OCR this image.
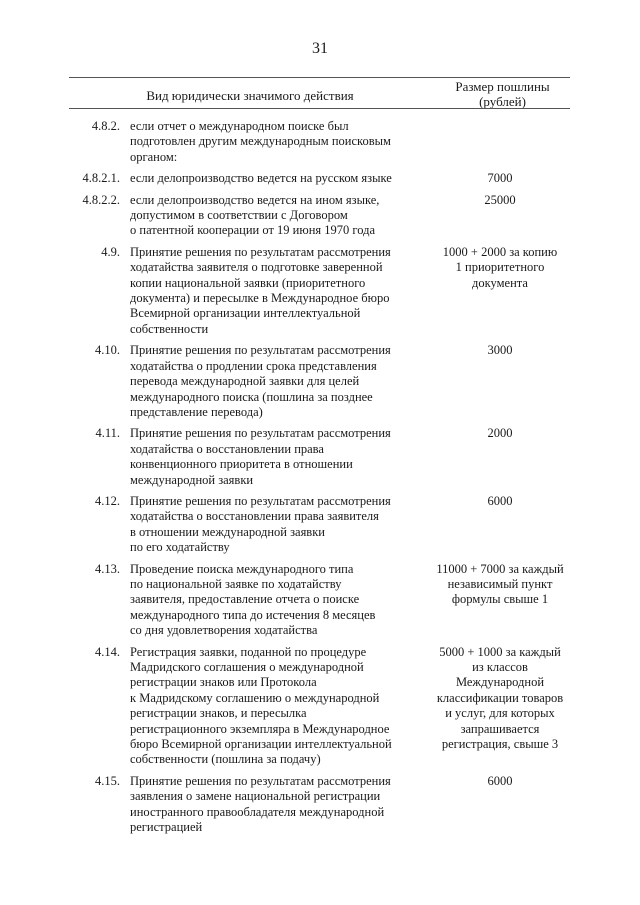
31
Вид юридически значимого действия
Размер пошлины
(рублей)
4.8.2. если отчет о международном поиске был
подготовлен другим международным поисковым
органом:
4.8.2.1. если делопроизводство ведется на русском языке	7000
4.8.2.2. если делопроизводство ведется на ином языке,
допустимом в соответствии с Договором
о патентной кооперации от 19 июня 1970 года
25000
4.9. Принятие решения по результатам рассмотрения
ходатайства заявителя о подготовке заверенной
копии национальной заявки (приоритетного
документа) и пересылке в Международное бюро
Всемирной организации интеллектуальной
собственности
1000 + 2000 за копию
1 приоритетного
документа
4.10. Принятие решения по результатам рассмотрения
ходатайства о продлении срока представления
перевода международной заявки для целей
международного поиска (пошлина за позднее
представление перевода)
3000
4.11. Принятие решения по результатам рассмотрения
ходатайства о восстановлении права
конвенционного приоритета в отношении
международной заявки
2000
4.12. Принятие решения по результатам рассмотрения
ходатайства о восстановлении права заявителя
в отношении международной заявки
по его ходатайству
6000
4.13. Проведение поиска международного типа
по национальной заявке по ходатайству
заявителя, предоставление отчета о поиске
международного типа до истечения 8 месяцев
со дня удовлетворения ходатайства
11000 + 7000 за каждый
независимый пункт
формулы свыше 1
4.14. Регистрация заявки, поданной по процедуре
Мадридского соглашения о международной
регистрации знаков или Протокола
к Мадридскому соглашению о международной
регистрации знаков, и пересылка
регистрационного экземпляра в Международное
бюро Всемирной организации интеллектуальной
собственности (пошлина за подачу)
5000 + 1000 за каждый
из классов
Международной
классификации товаров
и услуг, для которых
запрашивается
регистрация, свыше 3
4.15. Принятие решения по результатам рассмотрения
заявления о замене национальной регистрации
иностранного правообладателя международной
регистрацией
6000
